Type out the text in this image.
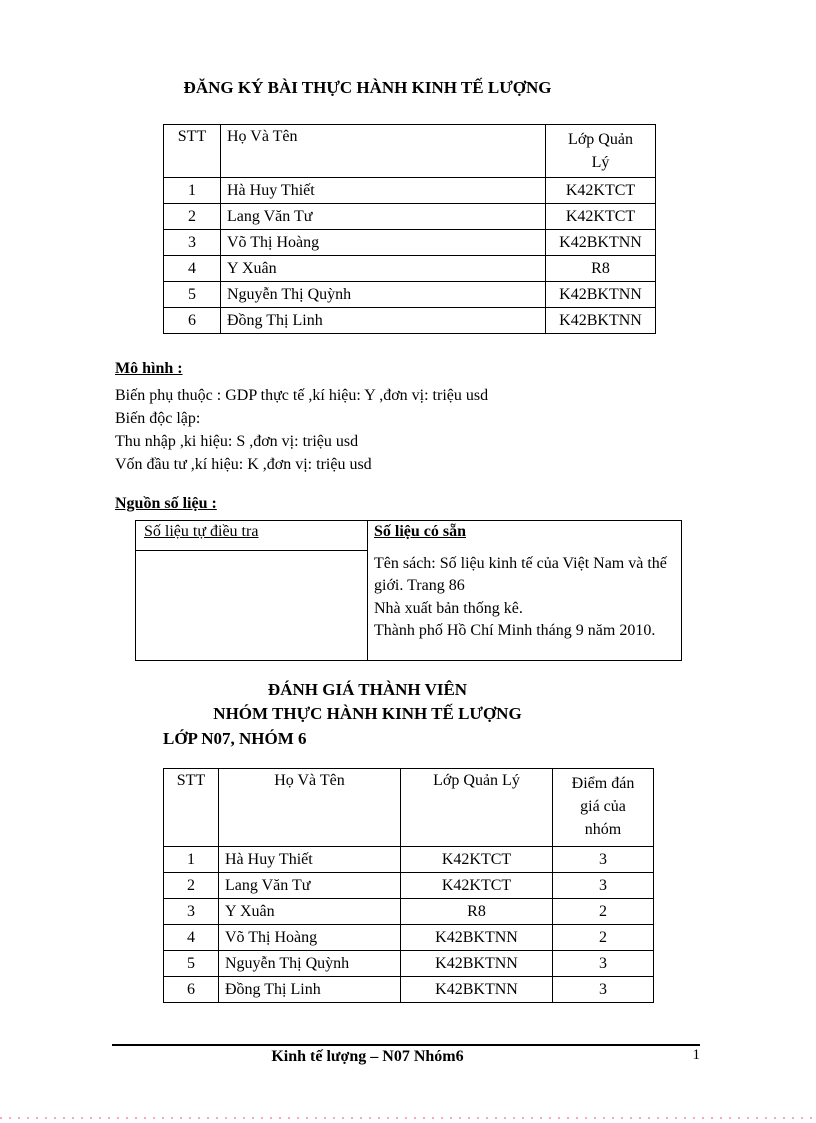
ĐĂNG KÝ BÀI THỰC HÀNH KINH TẾ LƯỢNG
STT	Họ Và Tên	Lớp Quản Lý
1	Hà Huy Thiết	K42KTCT
2	Lang Văn Tư	K42KTCT
3	Võ Thị Hoàng	K42BKTNN
4	Y Xuân	R8
5	Nguyễn Thị Quỳnh	K42BKTNN
6	Đồng Thị Linh	K42BKTNN
Mô hình :
Biến phụ thuộc : GDP thực tế ,kí hiệu: Y ,đơn vị: triệu usd
Biến độc lập:
Thu nhập ,ki hiệu: S ,đơn vị: triệu usd
Vốn đầu tư ,kí hiệu: K ,đơn vị: triệu usd
Nguồn số liệu :
Số liệu tự điều tra	Số liệu có sẵn

	Tên sách: Số liệu kinh tế của Việt Nam và thế giới. Trang 86
Nhà xuất bản thống kê.
Thành phố Hồ Chí Minh tháng 9 năm 2010.
ĐÁNH GIÁ THÀNH VIÊN
NHÓM THỰC HÀNH KINH TẾ LƯỢNG
LỚP N07, NHÓM 6
STT	Họ Và Tên	Lớp Quản Lý	Điểm đán giá của nhóm
1	Hà Huy Thiết	K42KTCT	3
2	Lang Văn Tư	K42KTCT	3
3	Y Xuân	R8	2
4	Võ Thị Hoàng	K42BKTNN	2
5	Nguyễn Thị Quỳnh	K42BKTNN	3
6	Đồng Thị Linh	K42BKTNN	3
Kinh tế lượng – N07 Nhóm6	1
